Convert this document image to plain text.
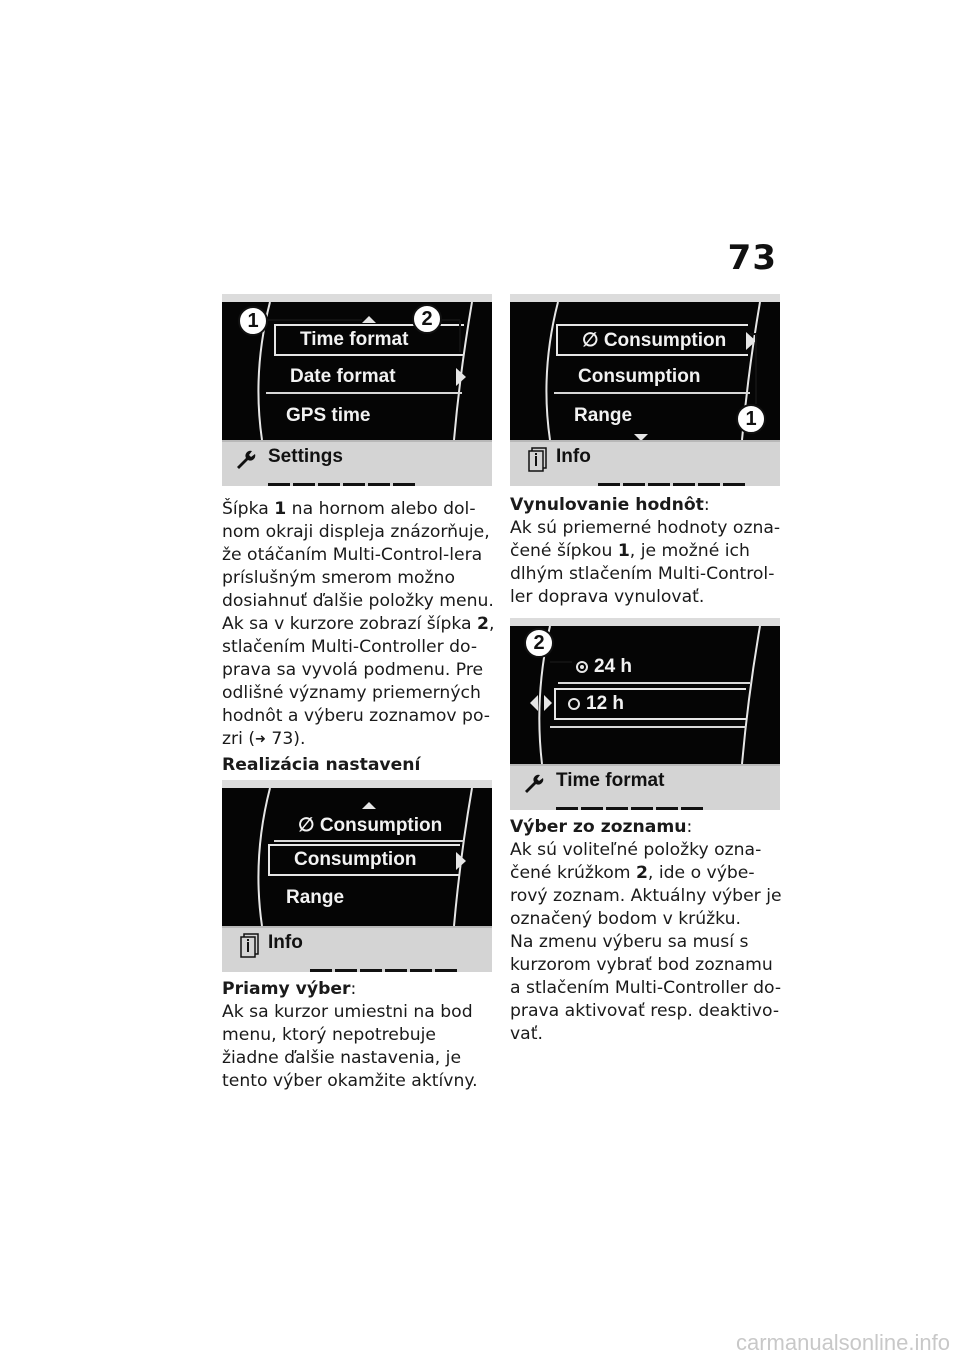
73
Time format
Date format
GPS time
Settings
1	2
Šípka 1 na hornom alebo dol-nom okraji displeja znázorňuje, že otáčaním Multi-Control-lera príslušným smerom možno dosiahnuť ďalšie položky menu. Ak sa v kurzore zobrazí šípka 2, stlačením Multi-Controller do-prava sa vyvolá podmenu. Pre odlišné významy priemerných hodnôt a výberu zoznamov po-zri (➜ 73).
Realizácia nastavení
∅ Consumption
Consumption
Range
Info
Priamy výber:
Ak sa kurzor umiestni na bod menu, ktorý nepotrebuje žiadne ďalšie nastavenia, je tento výber okamžite aktívny.
∅ Consumption
Consumption
Range
Info
1
Vynulovanie hodnôt:
Ak sú priemerné hodnoty ozna-čené šípkou 1, je možné ich dlhým stlačením Multi-Control-ler doprava vynulovať.
24 h
12 h
Time format
2
Výber zo zoznamu:
Ak sú voliteľné položky ozna-čené krúžkom 2, ide o výbe-rový zoznam. Aktuálny výber je označený bodom v krúžku.
Na zmenu výberu sa musí s kurzorom vybrať bod zoznamu a stlačením Multi-Controller do-prava aktivovať resp. deaktivo-vať.
carmanualsonline.info
